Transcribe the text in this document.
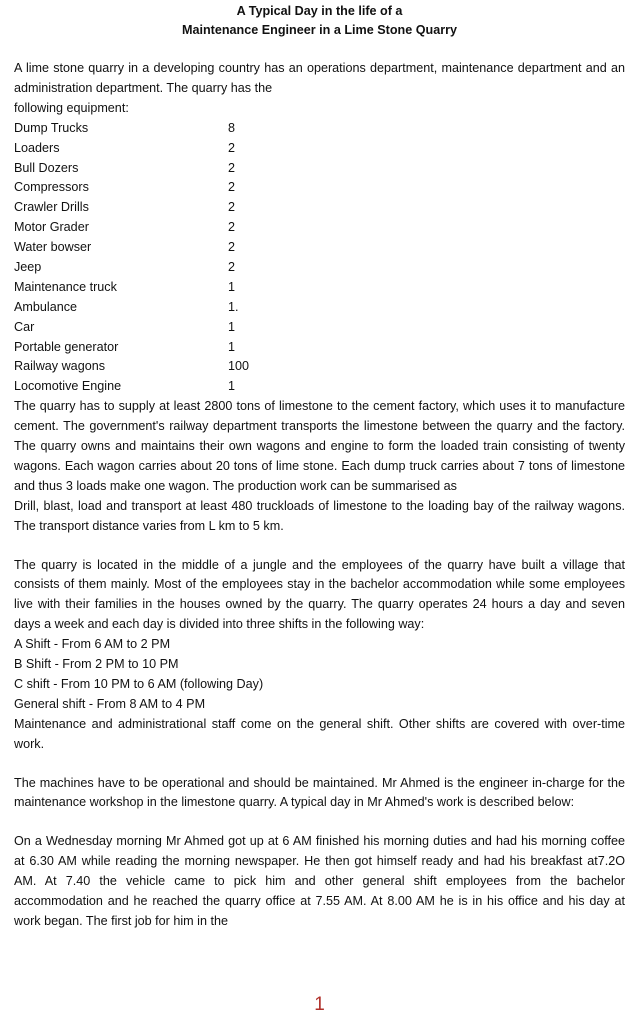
A Typical Day in the life of a
Maintenance Engineer in a Lime Stone Quarry

A lime stone quarry in a developing country has an operations department, maintenance department and an administration department. The quarry has the

following equipment:

Dump Trucks	8
Loaders	2
Bull Dozers	2
Compressors	2
Crawler Drills	2
Motor Grader	2
Water bowser	2
Jeep	2
Maintenance truck	1
Ambulance	1.
Car	1
Portable generator	1
Railway wagons	100
Locomotive Engine	1

The quarry has to supply at least 2800 tons of limestone to the cement factory, which uses it to manufacture cement. The government's railway department transports the limestone between the quarry and the factory. The quarry owns and maintains their own wagons and engine to form the loaded train consisting of twenty wagons. Each wagon carries about 20 tons of lime stone. Each dump truck carries about 7 tons of limestone and thus 3 loads make one wagon. The production work can be summarised as

Drill, blast, load and transport at least 480 truckloads of limestone to the loading bay of the railway wagons. The transport distance varies from L km to 5 km.

The quarry is located in the middle of a jungle and the employees of the quarry have built a village that consists of them mainly. Most of the employees stay in the bachelor accommodation while some employees live with their families in the houses owned by the quarry. The quarry operates 24 hours a day and seven days a week and each day is divided into three shifts in the following way:

A Shift - From 6 AM to 2 PM
B Shift - From 2 PM to 10 PM
C shift - From 10 PM to 6 AM (following Day)
General shift - From 8 AM to 4 PM

Maintenance and administrational staff come on the general shift. Other shifts are covered with over-time work.

The machines have to be operational and should be maintained. Mr Ahmed is the engineer in-charge for the maintenance workshop in the limestone quarry. A typical day in Mr Ahmed's work is described below:

On a Wednesday morning Mr Ahmed got up at 6 AM finished his morning duties and had his morning coffee at 6.30 AM while reading the morning newspaper. He then got himself ready and had his breakfast at7.2O AM. At 7.40 the vehicle came to pick him and other general shift employees from the bachelor accommodation and he reached the quarry office at 7.55 AM. At 8.00 AM he is in his office and his day at work began. The first job for him in the

1
